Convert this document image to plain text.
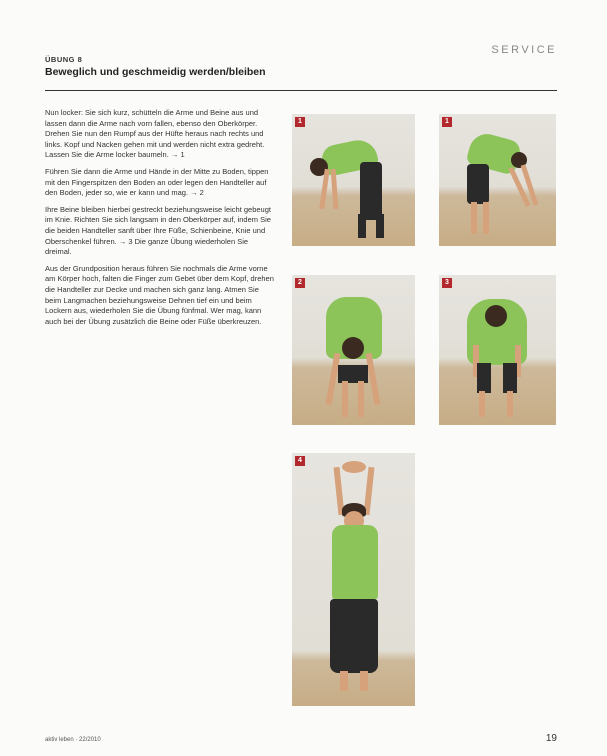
SERVICE
ÜBUNG 8
Beweglich und geschmeidig werden/bleiben

Nun locker: Sie sich kurz, schütteln die Arme und Beine aus und lassen dann die Arme nach vorn fallen, ebenso den Oberkörper. Drehen Sie nun den Rumpf aus der Hüfte heraus nach rechts und links. Kopf und Nacken gehen mit und werden nicht extra gedreht. Lassen Sie die Arme locker baumeln. → 1

Führen Sie dann die Arme und Hände in der Mitte zu Boden, tippen mit den Fingerspitzen den Boden an oder legen den Handteller auf den Boden, jeder so, wie er kann und mag. → 2

Ihre Beine bleiben hierbei gestreckt beziehungsweise leicht gebeugt im Knie. Richten Sie sich langsam in den Oberkörper auf, indem Sie die beiden Handteller sanft über Ihre Füße, Schienbeine, Knie und Oberschenkel führen. → 3 Die ganze Übung wiederholen Sie dreimal.

Aus der Grundposition heraus führen Sie nochmals die Arme vorne am Körper hoch, falten die Finger zum Gebet über dem Kopf, drehen die Handteller zur Decke und machen sich ganz lang. Atmen Sie beim Langmachen beziehungsweise Dehnen tief ein und beim Lockern aus, wiederholen Sie die Übung fünfmal. Wer mag, kann auch bei der Übung zusätzlich die Beine oder Füße überkreuzen.

1	1
2	3
4
aktiv leben · 22/2010	19
